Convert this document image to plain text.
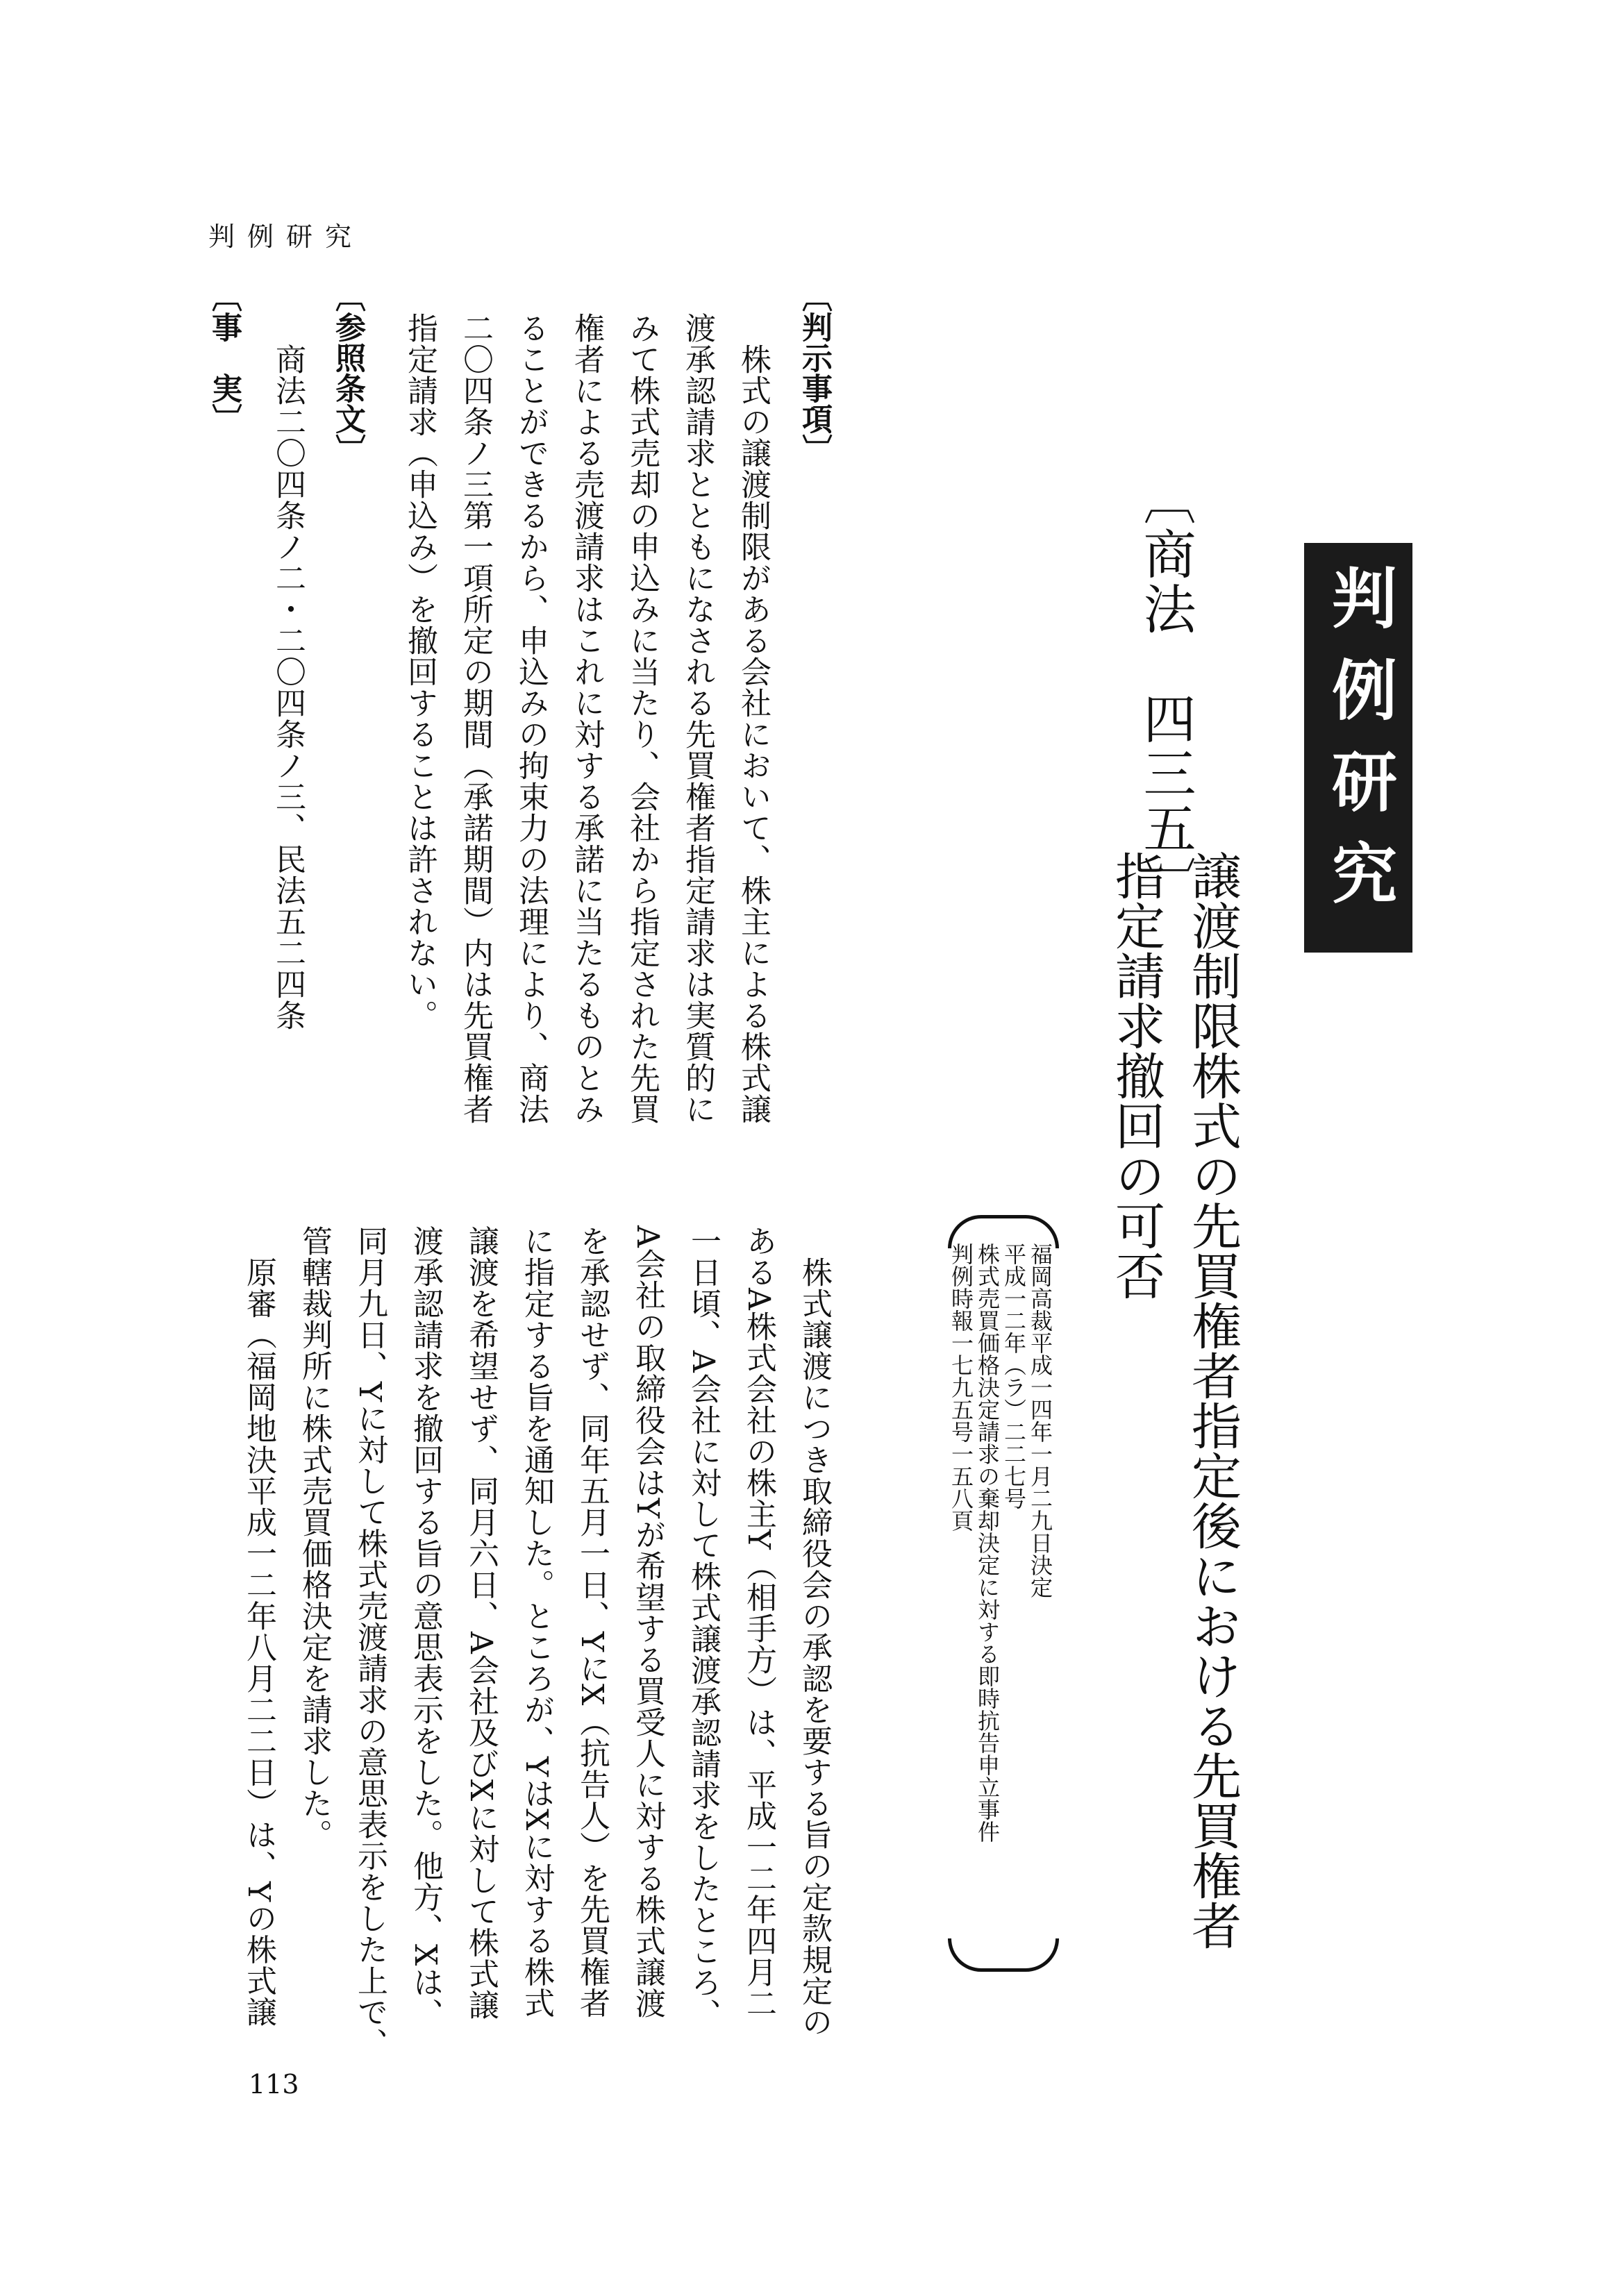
判例研究
判例研究
〔商法　四三五〕
譲渡制限株式の先買権者指定後における先買権者
指定請求撤回の可否
福岡高裁平成一四年一月二九日決定
平成一二年（ラ）二二七号
株式売買価格決定請求の棄却決定に対する即時抗告申立事件
判例時報一七九五号一五八頁
〔判示事項〕
　株式の譲渡制限がある会社において、株主による株式譲
渡承認請求とともになされる先買権者指定請求は実質的に
みて株式売却の申込みに当たり、会社から指定された先買
権者による売渡請求はこれに対する承諾に当たるものとみ
ることができるから、申込みの拘束力の法理により、商法
二〇四条ノ三第一項所定の期間（承諾期間）内は先買権者
指定請求（申込み）を撤回することは許されない。
〔参照条文〕
　商法二〇四条ノ二・二〇四条ノ三、民法五二四条
〔事　実〕
　株式譲渡につき取締役会の承認を要する旨の定款規定の
あるA株式会社の株主Y（相手方）は、平成一二年四月二
一日頃、A会社に対して株式譲渡承認請求をしたところ、
A会社の取締役会はYが希望する買受人に対する株式譲渡
を承認せず、同年五月一日、YにX（抗告人）を先買権者
に指定する旨を通知した。ところが、YはXに対する株式
譲渡を希望せず、同月六日、A会社及びXに対して株式譲
渡承認請求を撤回する旨の意思表示をした。他方、Xは、
同月九日、Yに対して株式売渡請求の意思表示をした上で、
管轄裁判所に株式売買価格決定を請求した。
　原審（福岡地決平成一二年八月二二日）は、Yの株式譲
113
